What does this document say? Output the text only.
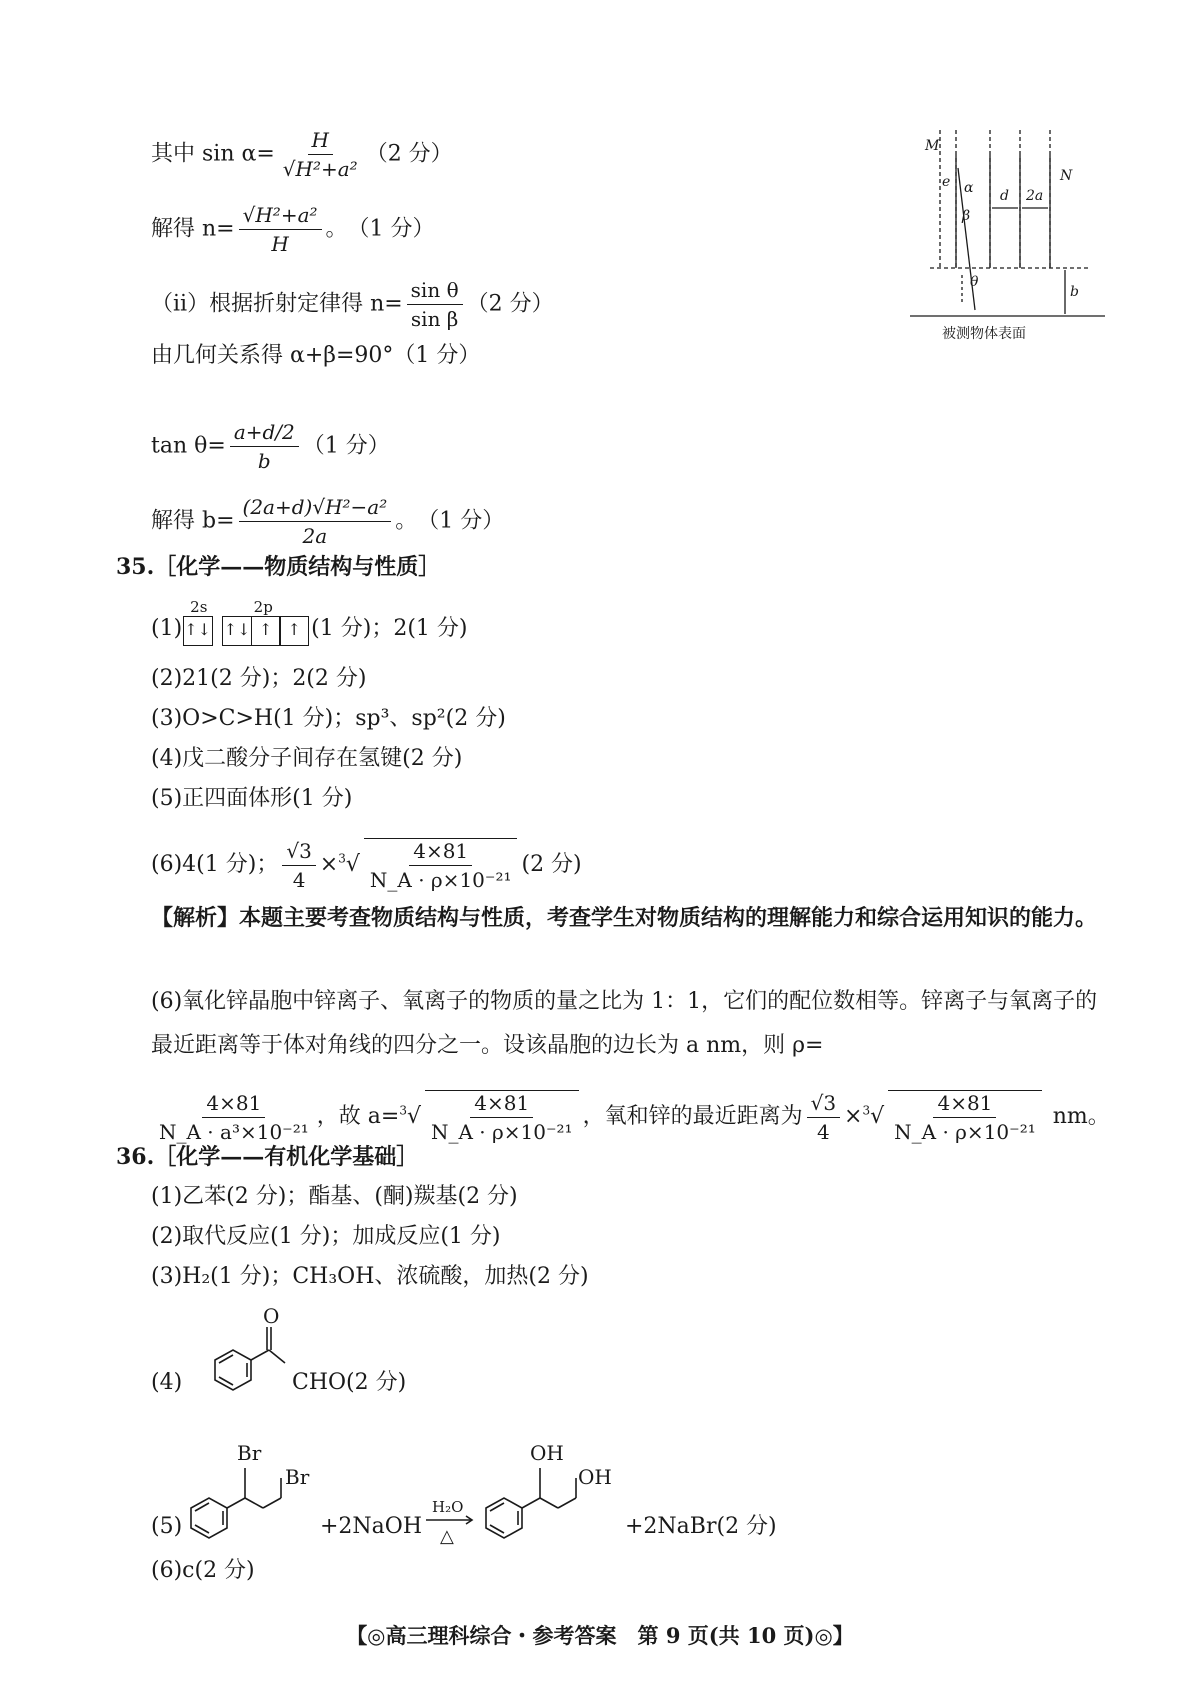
其中 $\sin \alpha= \frac{H}{\text{√H²+a²}} (2$ 分）
解得 $n= \frac{\text{√H²+a²}}{H}$ 。　（1 分）
（ⅱ）根据折射定律得 $n= \frac{\text{sin θ}}{\text{sin β}} (2$ 分）
由几何关系得 α+β=90°（1 分）
$\tan \theta= \frac{a+d/2}{b} (1$ 分）
解得 $b= \frac{\text{(2a+d)√H²−a²}}{2a}$ 。　（1 分）
M
N
e α
β
θ
d 2a
b
被测物体表面
35.［化学——物质结构与性质］
(1)
2s
↑↓

2p
↑↓ ↑ ↑ (1 分)；2(1 分)
(2)21(2 分)；2(2 分)
(3)O>C>H(1 分)；sp³、sp²(2 分)
(4)戊二酸分子间存在氢键(2 分)
(5)正四面体形(1 分)
(6)4(1 分)； $\frac{√3}{4} \times^3√ \frac{4\times 81}{\text{N\_A · ρ×10⁻²¹}} (2$ 分)
【解析】本题主要考查物质结构与性质，考查学生对物质结构的理解能力和综合运用知识的能力。
(6)氧化锌晶胞中锌离子、氧离子的物质的量之比为 1：1，它们的配位数相等。锌离子与氧离子的最近距离等于体对角线的四分之一。设该晶胞的边长为 a nm，则 ρ=
$\frac{4\times 81}{\text{N\_A · a³×10⁻²¹}}$ ，故 $a=^3√ \frac{4\times 81}{\text{N\_A · ρ×10⁻²¹}}$ ，氧和锌的最近距离为 $\frac{√3}{4} \times^3√ \frac{4\times 81}{\text{N\_A · ρ×10⁻²¹}}$ nm。
36.［化学——有机化学基础］
(1)乙苯(2 分)；酯基、(酮)羰基(2 分)
(2)取代反应(1 分)；加成反应(1 分)
(3)H₂(1 分)；CH₃OH、浓硫酸，加热(2 分)
(4)
O
CHO(2 分)
(5)
Br
Br
+2NaOH
H₂O
△
OH
OH
+2NaBr(2 分)
(6)c(2 分)
【◎高三理科综合・参考答案　第 9 页(共 10 页)◎】
